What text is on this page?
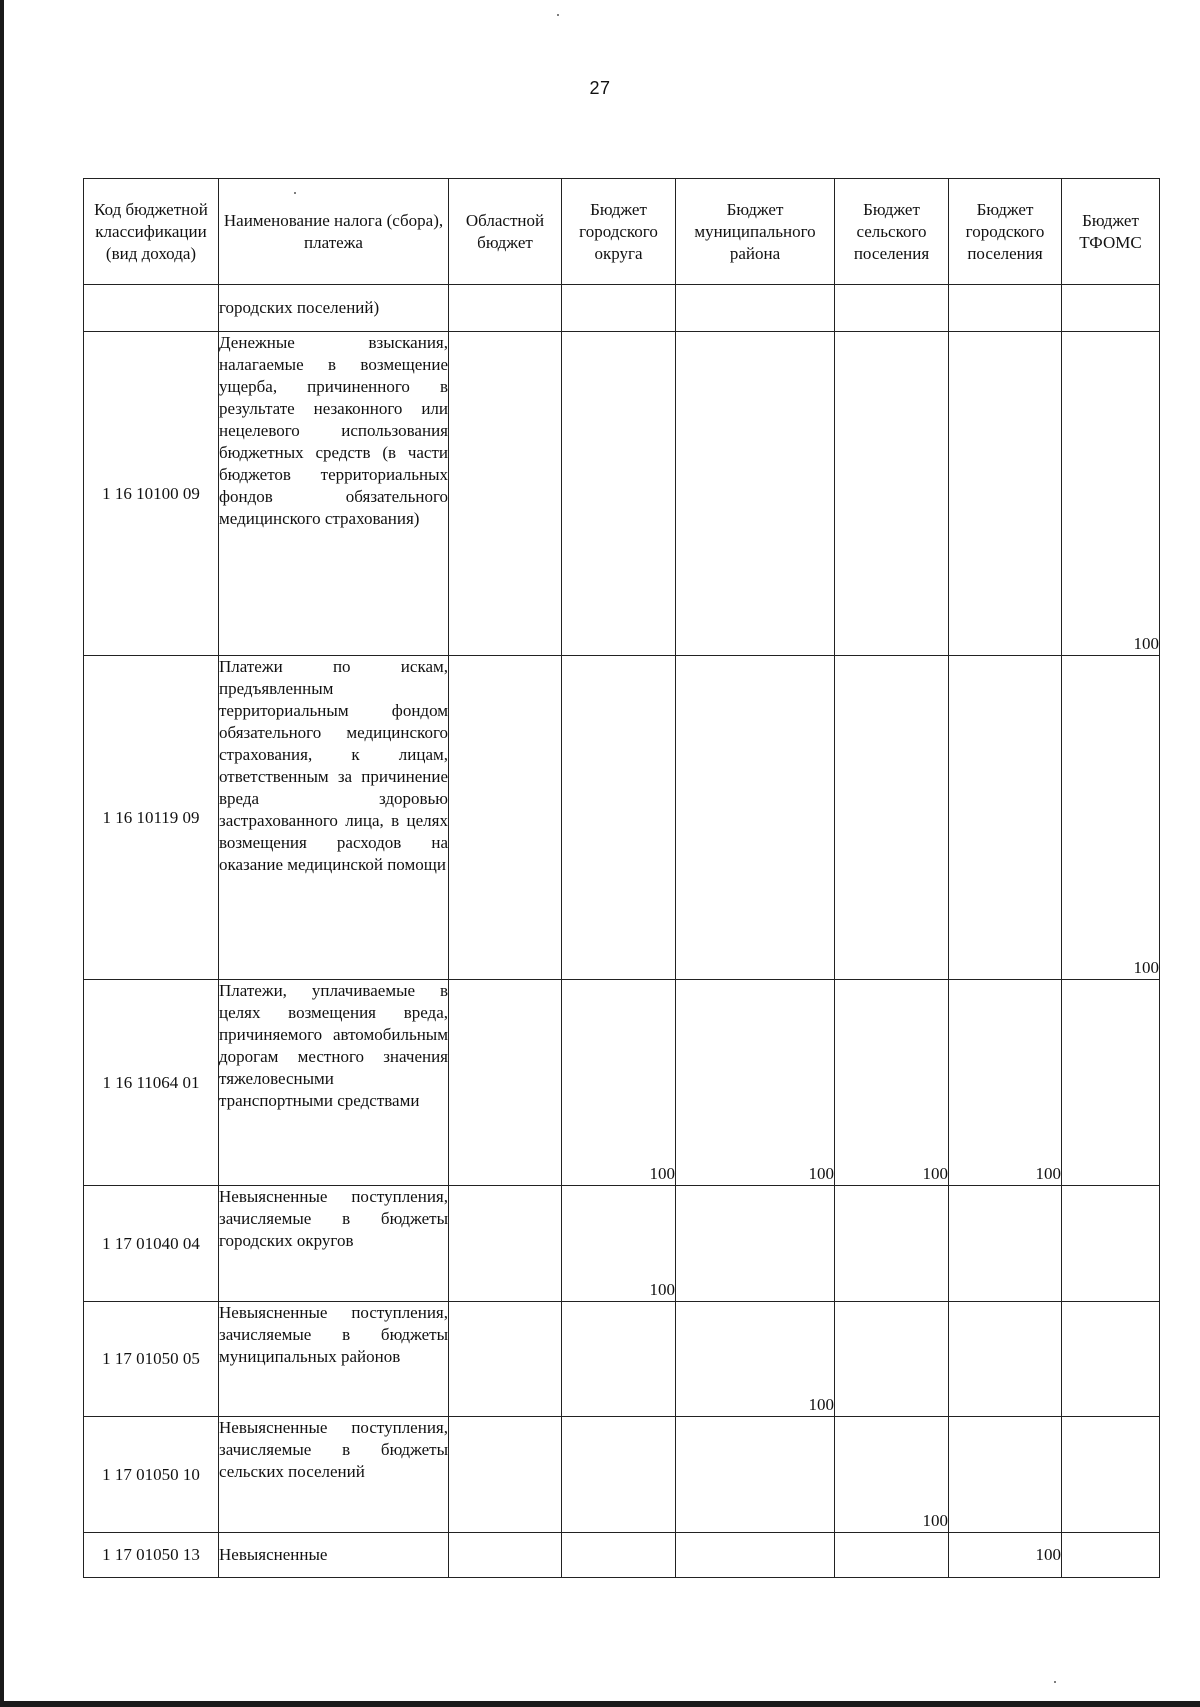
27
Код бюджетной классификации (вид дохода)	Наименование налога (сбора), платежа	Областной бюджет	Бюджет городского округа	Бюджет муниципального района	Бюджет сельского поселения	Бюджет городского поселения	Бюджет ТФОМС
	городских поселений)						
1 16 10100 09	Денежные взыскания, налагаемые в возмещение ущерба, причиненного в результате незаконного или нецелевого использования бюджетных средств (в части бюджетов территориальных фондов обязательного медицинского страхования)						100
1 16 10119 09	Платежи по искам, предъявленным территориальным фондом обязательного медицинского страхования, к лицам, ответственным за причинение вреда здоровью застрахованного лица, в целях возмещения расходов на оказание медицинской помощи						100
1 16 11064 01	Платежи, уплачиваемые в целях возмещения вреда, причиняемого автомобильным дорогам местного значения тяжеловесными транспортными средствами		100	100	100	100	
1 17 01040 04	Невыясненные поступления, зачисляемые в бюджеты городских округов		100				
1 17 01050 05	Невыясненные поступления, зачисляемые в бюджеты муниципальных районов			100			
1 17 01050 10	Невыясненные поступления, зачисляемые в бюджеты сельских поселений				100		
1 17 01050 13	Невыясненные					100	
